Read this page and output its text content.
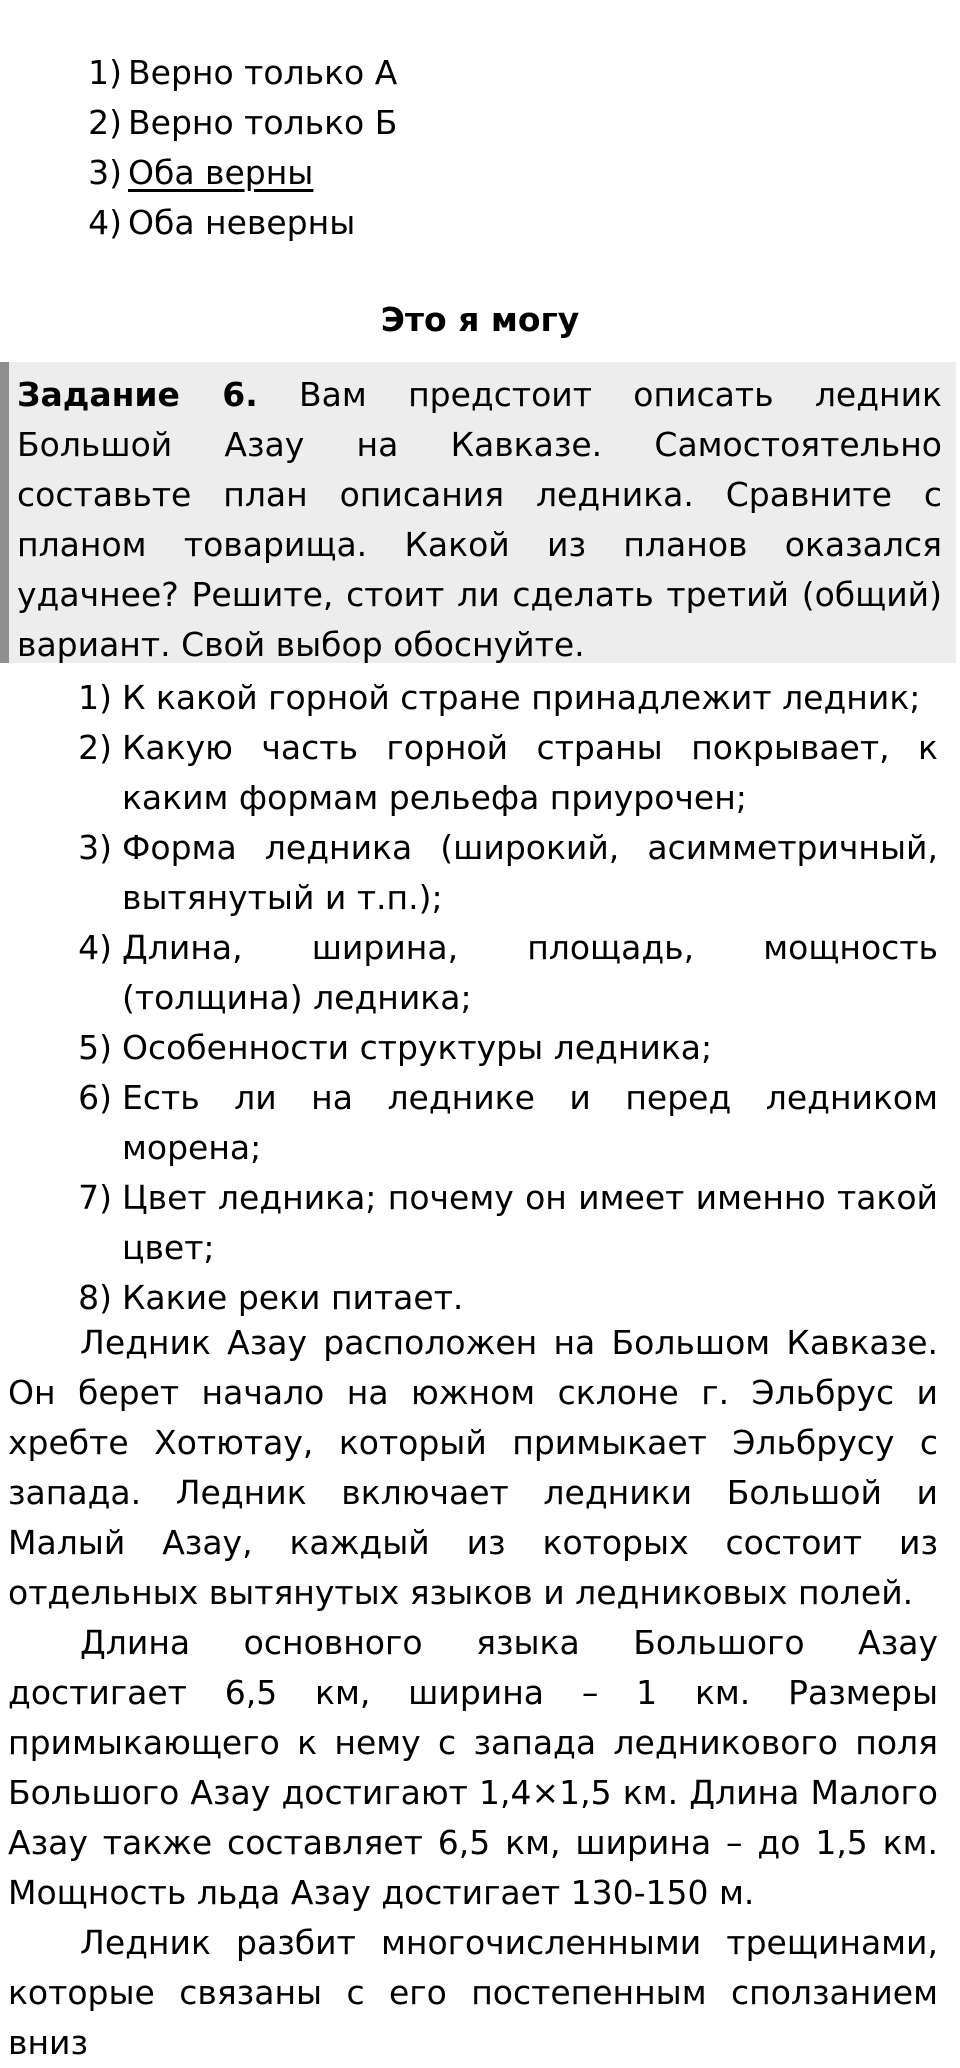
1) Верно только А
2) Верно только Б
3) Оба верны
4) Оба неверны
Это я могу
Задание 6. Вам предстоит описать ледник Большой Азау на Кавказе. Самостоятельно составьте план описания ледника. Сравните с планом товарища. Какой из планов оказался удачнее? Решите, стоит ли сделать третий (общий) вариант. Свой выбор обоснуйте.
1) К какой горной стране принадлежит ледник;
2) Какую часть горной страны покрывает, к каким формам рельефа приурочен;
3) Форма ледника (широкий, асимметричный, вытянутый и т.п.);
4) Длина, ширина, площадь, мощность (толщина) ледника;
5) Особенности структуры ледника;
6) Есть ли на леднике и перед ледником морена;
7) Цвет ледника; почему он имеет именно такой цвет;
8) Какие реки питает.

Ледник Азау расположен на Большом Кавказе. Он берет начало на южном склоне г. Эльбрус и хребте Хотютау, который примыкает Эльбрусу с запада. Ледник включает ледники Большой и Малый Азау, каждый из которых состоит из отдельных вытянутых языков и ледниковых полей.

Длина основного языка Большого Азау достигает 6,5 км, ширина – 1 км. Размеры примыкающего к нему с запада ледникового поля Большого Азау достигают 1,4×1,5 км. Длина Малого Азау также составляет 6,5 км, ширина – до 1,5 км. Мощность льда Азау достигает 130-150 м.

Ледник разбит многочисленными трещинами, которые связаны с его постепенным сползанием вниз
